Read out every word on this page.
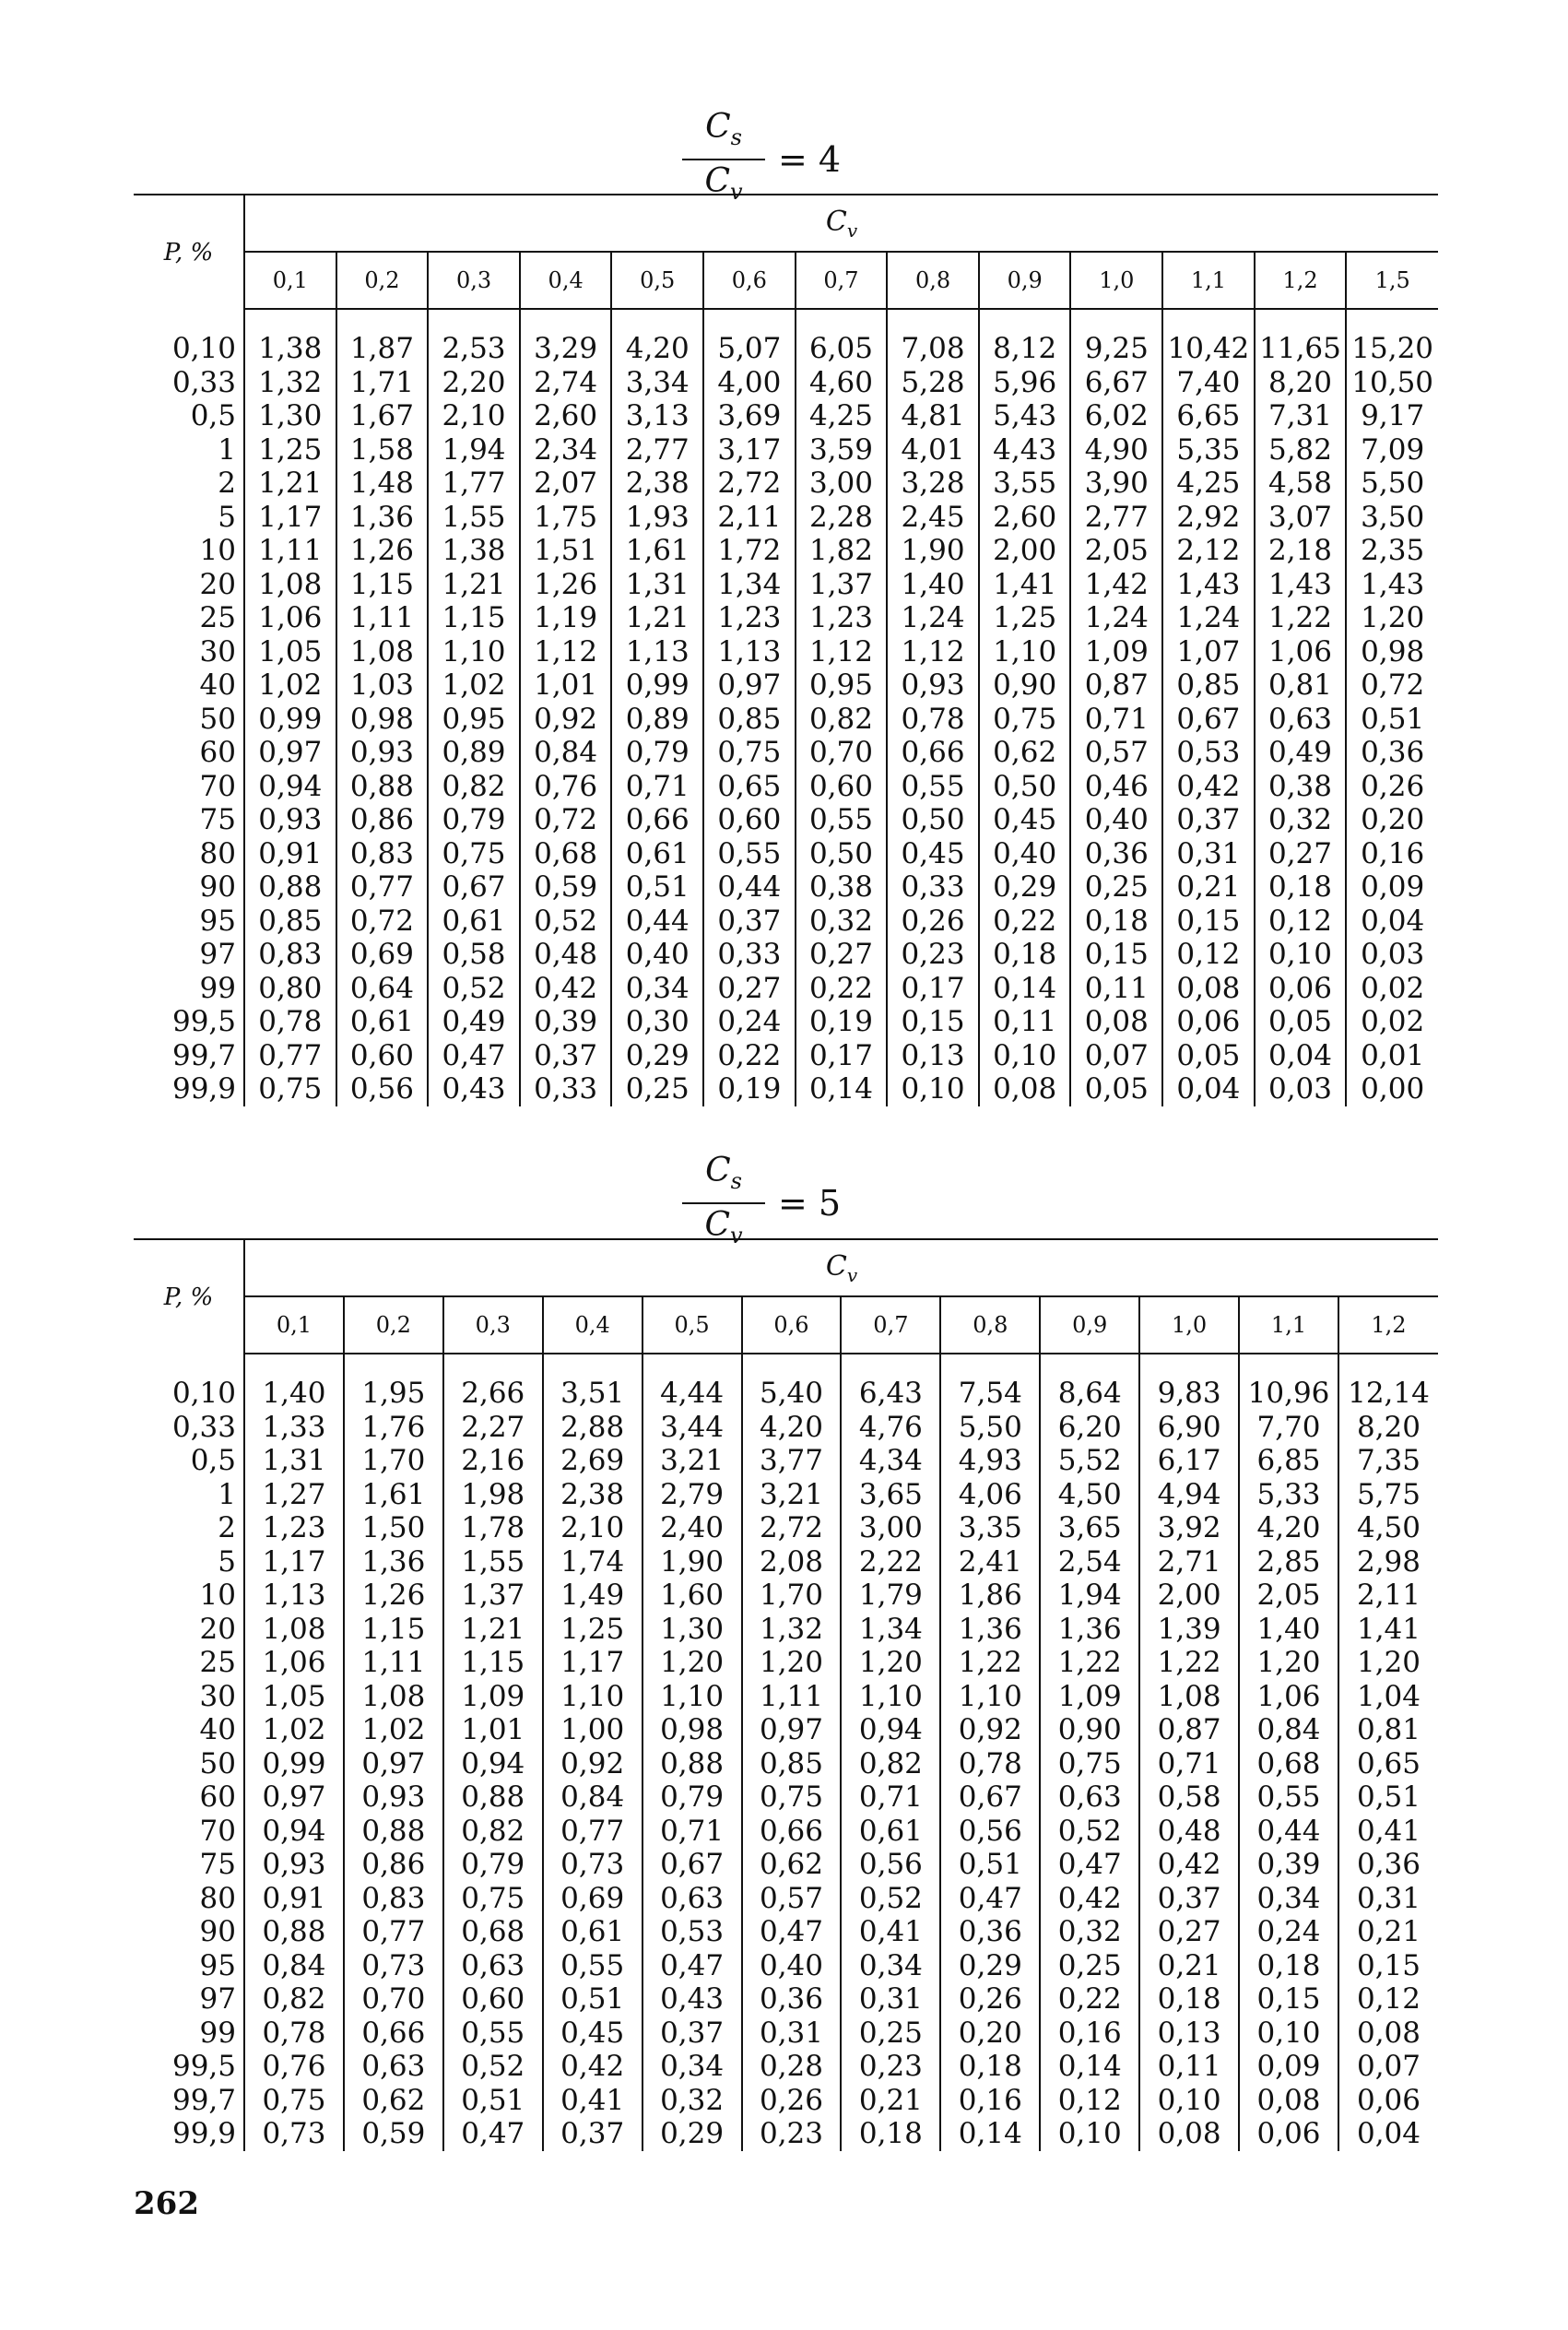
$\frac{C_s}{C_v} = 4$
P, %	$C_v$
	0,1	0,2	0,3	0,4	0,5	0,6	0,7	0,8	0,9	1,0	1,1	1,2	1,5

0,10	1,38	1,87	2,53	3,29	4,20	5,07	6,05	7,08	8,12	9,25	10,42	11,65	15,20
0,33	1,32	1,71	2,20	2,74	3,34	4,00	4,60	5,28	5,96	6,67	7,40	8,20	10,50
0,5	1,30	1,67	2,10	2,60	3,13	3,69	4,25	4,81	5,43	6,02	6,65	7,31	9,17
1	1,25	1,58	1,94	2,34	2,77	3,17	3,59	4,01	4,43	4,90	5,35	5,82	7,09
2	1,21	1,48	1,77	2,07	2,38	2,72	3,00	3,28	3,55	3,90	4,25	4,58	5,50
5	1,17	1,36	1,55	1,75	1,93	2,11	2,28	2,45	2,60	2,77	2,92	3,07	3,50
10	1,11	1,26	1,38	1,51	1,61	1,72	1,82	1,90	2,00	2,05	2,12	2,18	2,35
20	1,08	1,15	1,21	1,26	1,31	1,34	1,37	1,40	1,41	1,42	1,43	1,43	1,43
25	1,06	1,11	1,15	1,19	1,21	1,23	1,23	1,24	1,25	1,24	1,24	1,22	1,20
30	1,05	1,08	1,10	1,12	1,13	1,13	1,12	1,12	1,10	1,09	1,07	1,06	0,98
40	1,02	1,03	1,02	1,01	0,99	0,97	0,95	0,93	0,90	0,87	0,85	0,81	0,72
50	0,99	0,98	0,95	0,92	0,89	0,85	0,82	0,78	0,75	0,71	0,67	0,63	0,51
60	0,97	0,93	0,89	0,84	0,79	0,75	0,70	0,66	0,62	0,57	0,53	0,49	0,36
70	0,94	0,88	0,82	0,76	0,71	0,65	0,60	0,55	0,50	0,46	0,42	0,38	0,26
75	0,93	0,86	0,79	0,72	0,66	0,60	0,55	0,50	0,45	0,40	0,37	0,32	0,20
80	0,91	0,83	0,75	0,68	0,61	0,55	0,50	0,45	0,40	0,36	0,31	0,27	0,16
90	0,88	0,77	0,67	0,59	0,51	0,44	0,38	0,33	0,29	0,25	0,21	0,18	0,09
95	0,85	0,72	0,61	0,52	0,44	0,37	0,32	0,26	0,22	0,18	0,15	0,12	0,04
97	0,83	0,69	0,58	0,48	0,40	0,33	0,27	0,23	0,18	0,15	0,12	0,10	0,03
99	0,80	0,64	0,52	0,42	0,34	0,27	0,22	0,17	0,14	0,11	0,08	0,06	0,02
99,5	0,78	0,61	0,49	0,39	0,30	0,24	0,19	0,15	0,11	0,08	0,06	0,05	0,02
99,7	0,77	0,60	0,47	0,37	0,29	0,22	0,17	0,13	0,10	0,07	0,05	0,04	0,01
99,9	0,75	0,56	0,43	0,33	0,25	0,19	0,14	0,10	0,08	0,05	0,04	0,03	0,00
$\frac{C_s}{C_v} = 5$
P, %	$C_v$
	0,1	0,2	0,3	0,4	0,5	0,6	0,7	0,8	0,9	1,0	1,1	1,2

0,10	1,40	1,95	2,66	3,51	4,44	5,40	6,43	7,54	8,64	9,83	10,96	12,14
0,33	1,33	1,76	2,27	2,88	3,44	4,20	4,76	5,50	6,20	6,90	7,70	8,20
0,5	1,31	1,70	2,16	2,69	3,21	3,77	4,34	4,93	5,52	6,17	6,85	7,35
1	1,27	1,61	1,98	2,38	2,79	3,21	3,65	4,06	4,50	4,94	5,33	5,75
2	1,23	1,50	1,78	2,10	2,40	2,72	3,00	3,35	3,65	3,92	4,20	4,50
5	1,17	1,36	1,55	1,74	1,90	2,08	2,22	2,41	2,54	2,71	2,85	2,98
10	1,13	1,26	1,37	1,49	1,60	1,70	1,79	1,86	1,94	2,00	2,05	2,11
20	1,08	1,15	1,21	1,25	1,30	1,32	1,34	1,36	1,36	1,39	1,40	1,41
25	1,06	1,11	1,15	1,17	1,20	1,20	1,20	1,22	1,22	1,22	1,20	1,20
30	1,05	1,08	1,09	1,10	1,10	1,11	1,10	1,10	1,09	1,08	1,06	1,04
40	1,02	1,02	1,01	1,00	0,98	0,97	0,94	0,92	0,90	0,87	0,84	0,81
50	0,99	0,97	0,94	0,92	0,88	0,85	0,82	0,78	0,75	0,71	0,68	0,65
60	0,97	0,93	0,88	0,84	0,79	0,75	0,71	0,67	0,63	0,58	0,55	0,51
70	0,94	0,88	0,82	0,77	0,71	0,66	0,61	0,56	0,52	0,48	0,44	0,41
75	0,93	0,86	0,79	0,73	0,67	0,62	0,56	0,51	0,47	0,42	0,39	0,36
80	0,91	0,83	0,75	0,69	0,63	0,57	0,52	0,47	0,42	0,37	0,34	0,31
90	0,88	0,77	0,68	0,61	0,53	0,47	0,41	0,36	0,32	0,27	0,24	0,21
95	0,84	0,73	0,63	0,55	0,47	0,40	0,34	0,29	0,25	0,21	0,18	0,15
97	0,82	0,70	0,60	0,51	0,43	0,36	0,31	0,26	0,22	0,18	0,15	0,12
99	0,78	0,66	0,55	0,45	0,37	0,31	0,25	0,20	0,16	0,13	0,10	0,08
99,5	0,76	0,63	0,52	0,42	0,34	0,28	0,23	0,18	0,14	0,11	0,09	0,07
99,7	0,75	0,62	0,51	0,41	0,32	0,26	0,21	0,16	0,12	0,10	0,08	0,06
99,9	0,73	0,59	0,47	0,37	0,29	0,23	0,18	0,14	0,10	0,08	0,06	0,04
262
